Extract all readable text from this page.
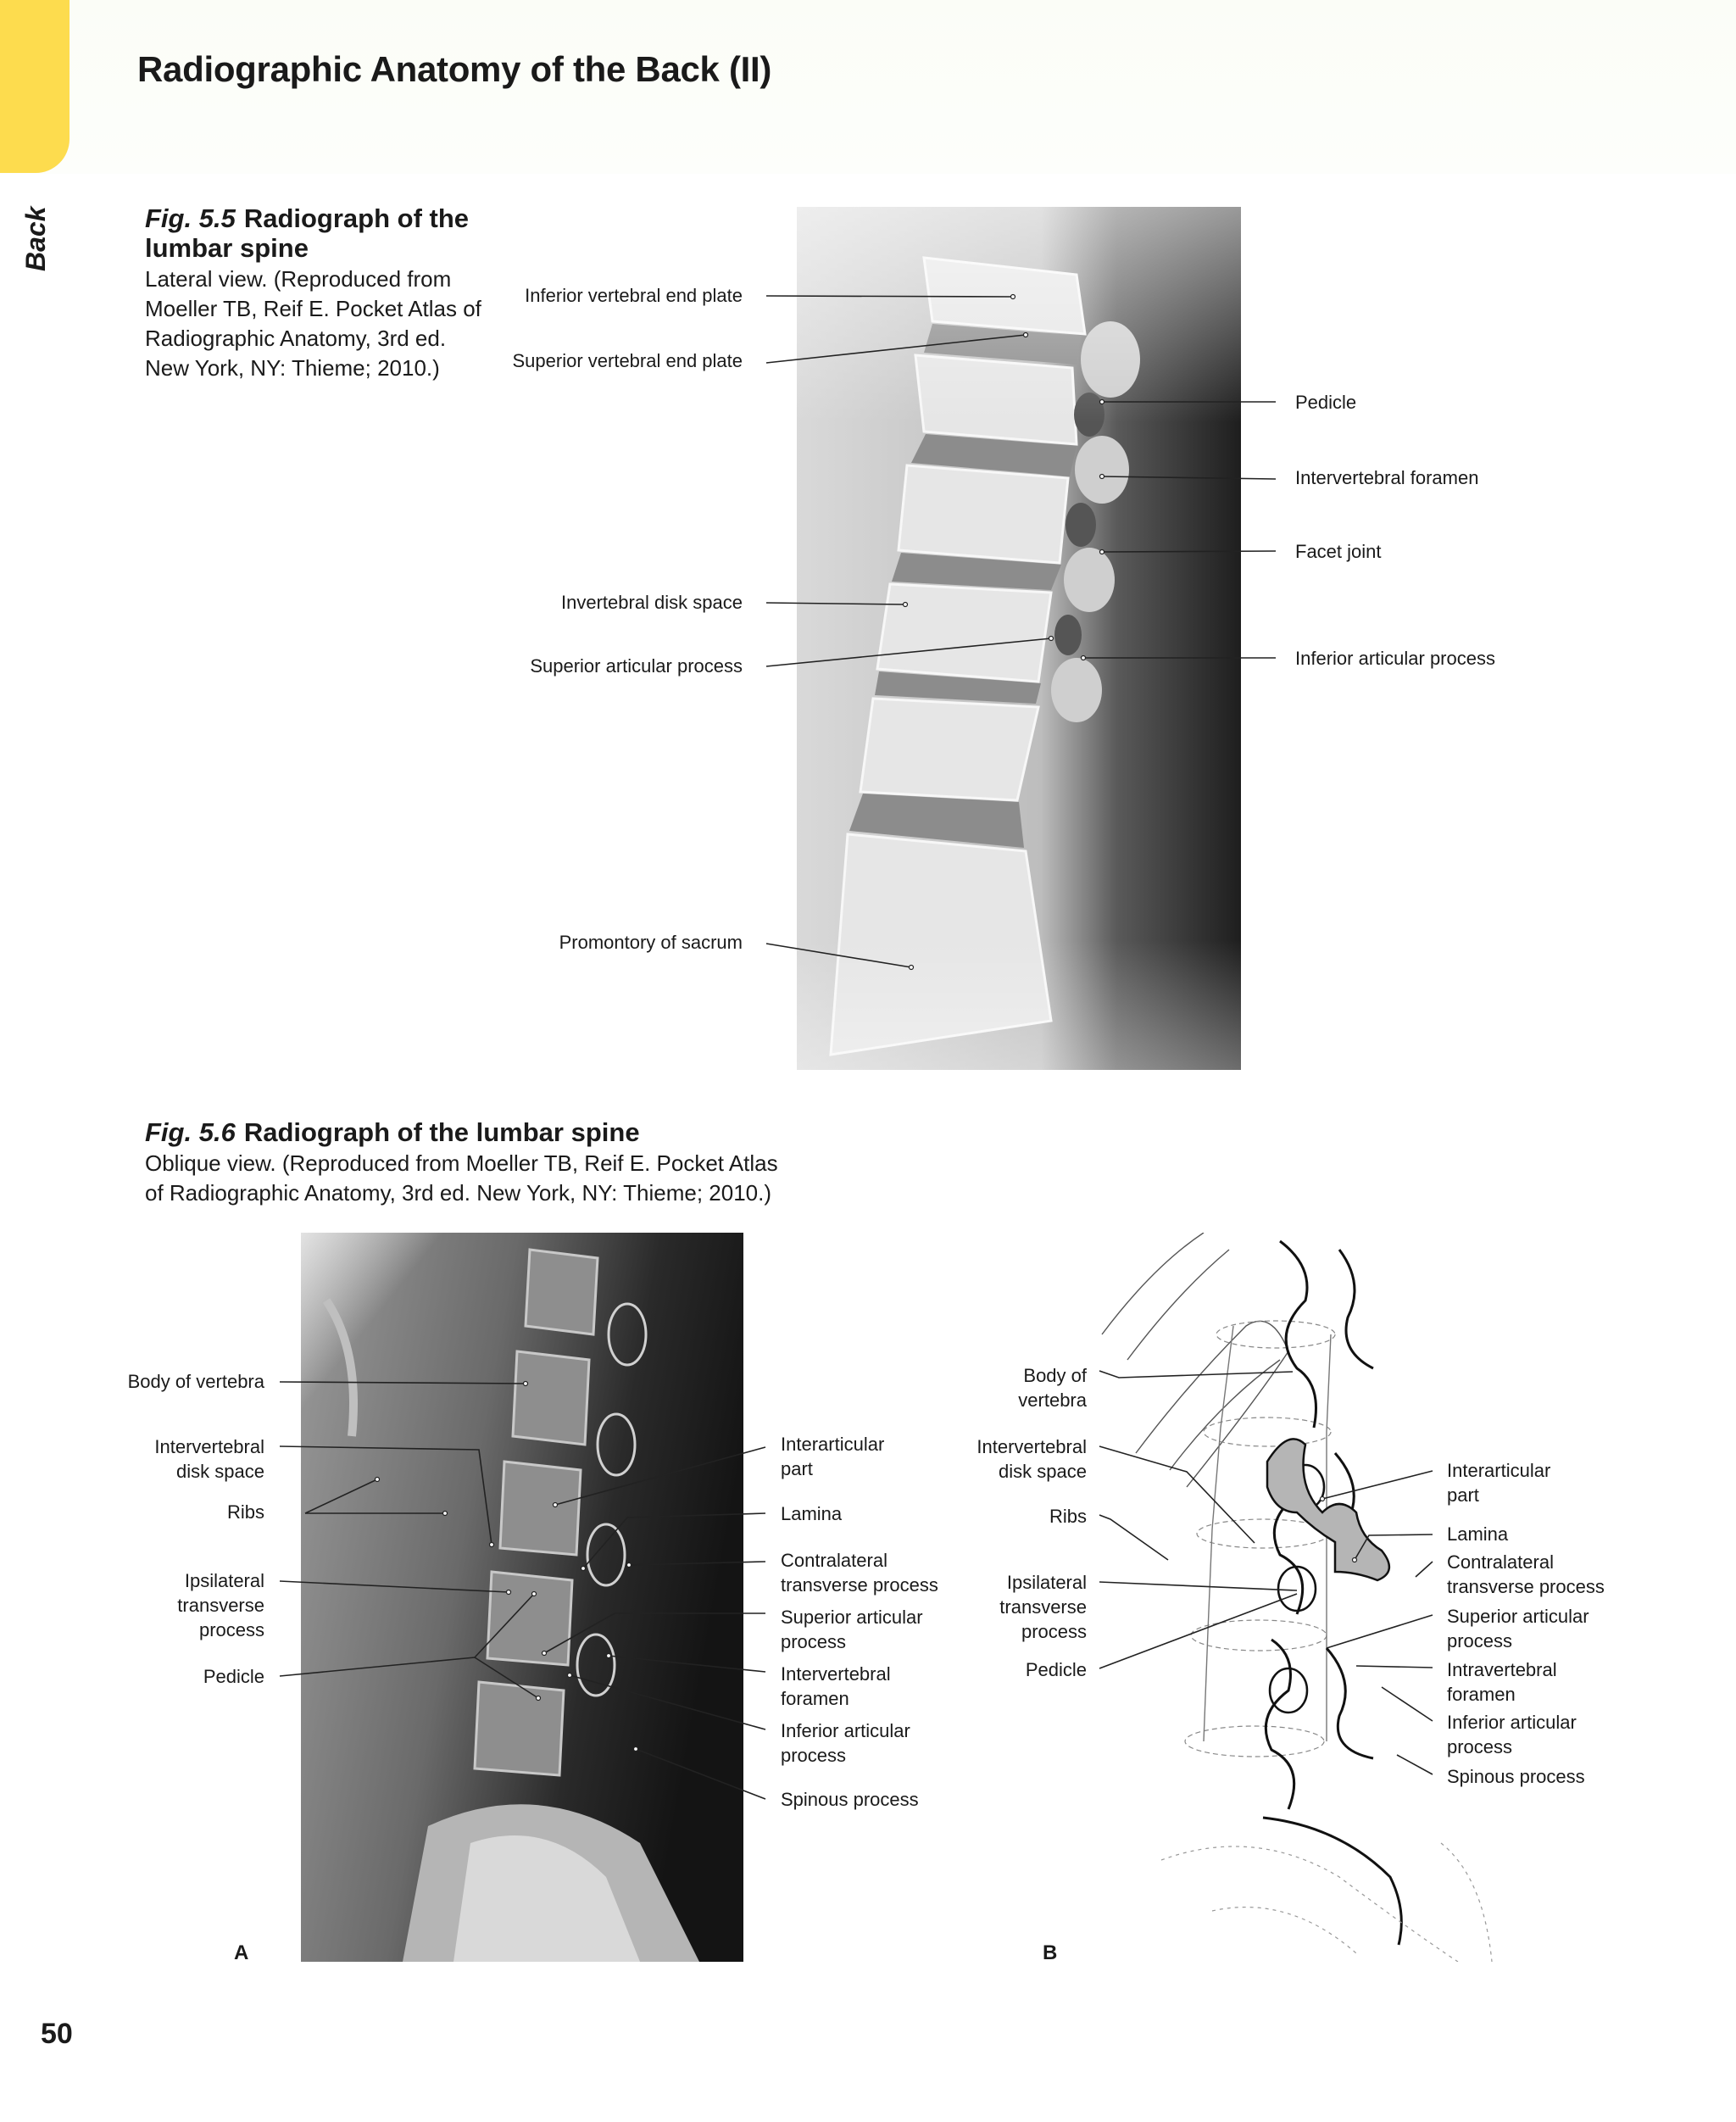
Radiographic Anatomy of the Back (II)
Back	Fig. 5.5 Radiograph of the lumbar spine
Lateral view. (Reproduced from Moeller TB, Reif E. Pocket Atlas of Radiographic Anatomy, 3rd ed. New York, NY: Thieme; 2010.)
Inferior vertebral end plate
Superior vertebral end plate
Invertebral disk space
Superior articular process
Promontory of sacrum
Pedicle
Intervertebral foramen
Facet joint
Inferior articular process
Fig. 5.6 Radiograph of the lumbar spine
Oblique view. (Reproduced from Moeller TB, Reif E. Pocket Atlas of Radiographic Anatomy, 3rd ed. New York, NY: Thieme; 2010.)
A	B
Body of vertebra
Intervertebral disk space
Ribs
Ipsilateral transverse process
Pedicle
Interarticular part
Lamina
Contralateral transverse process
Superior articular process
Intervertebral foramen
Inferior articular process
Spinous process
Body of vertebra
Intervertebral disk space
Ribs
Ipsilateral transverse process
Pedicle
Interarticular part
Lamina
Contralateral transverse process
Superior articular process
Intravertebral foramen
Inferior articular process
Spinous process
50
